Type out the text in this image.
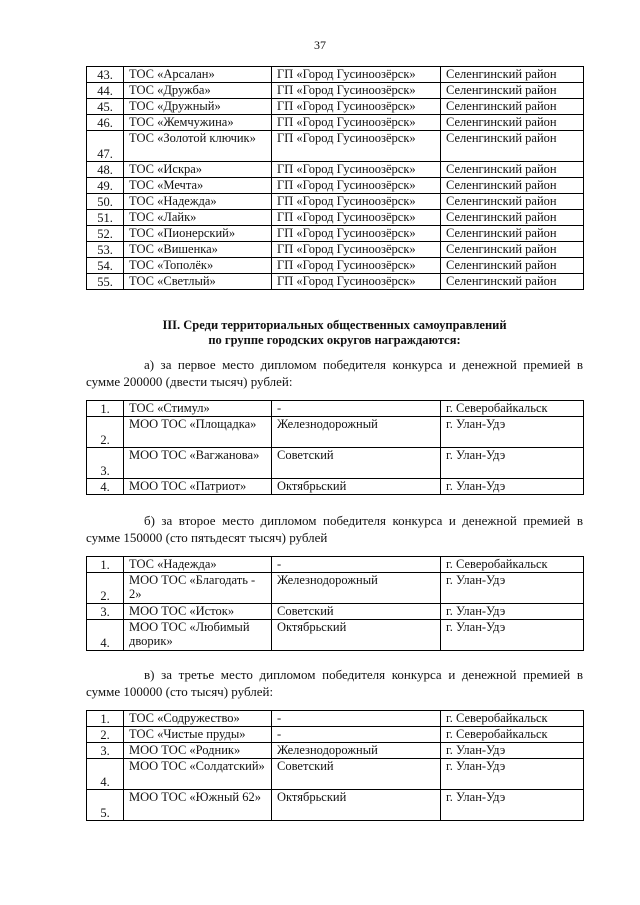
37
43.	ТОС «Арсалан»	ГП «Город Гусиноозёрск»	Селенгинский район
44.	ТОС «Дружба»	ГП «Город Гусиноозёрск»	Селенгинский район
45.	ТОС «Дружный»	ГП «Город Гусиноозёрск»	Селенгинский район
46.	ТОС «Жемчужина»	ГП «Город Гусиноозёрск»	Селенгинский район
47.	ТОС «Золотой ключик»	ГП «Город Гусиноозёрск»	Селенгинский район
48.	ТОС «Искра»	ГП «Город Гусиноозёрск»	Селенгинский район
49.	ТОС «Мечта»	ГП «Город Гусиноозёрск»	Селенгинский район
50.	ТОС «Надежда»	ГП «Город Гусиноозёрск»	Селенгинский район
51.	ТОС «Лайк»	ГП «Город Гусиноозёрск»	Селенгинский район
52.	ТОС «Пионерский»	ГП «Город Гусиноозёрск»	Селенгинский район
53.	ТОС «Вишенка»	ГП «Город Гусиноозёрск»	Селенгинский район
54.	ТОС «Тополёк»	ГП «Город Гусиноозёрск»	Селенгинский район
55.	ТОС «Светлый»	ГП «Город Гусиноозёрск»	Селенгинский район
III. Среди территориальных общественных самоуправлений
по группе городских округов награждаются:

а) за первое место дипломом победителя конкурса и денежной премией в сумме 200000 (двести тысяч) рублей:

1.	ТОС «Стимул»	-	г. Северобайкальск
2.	МОО ТОС «Площадка»	Железнодорожный	г. Улан-Удэ
3.	МОО ТОС «Вагжанова»	Советский	г. Улан-Удэ
4.	МОО ТОС «Патриот»	Октябрьский	г. Улан-Удэ

б) за второе место дипломом победителя конкурса и денежной премией в сумме 150000 (сто пятьдесят тысяч) рублей

1.	ТОС «Надежда»	-	г. Северобайкальск
2.	МОО ТОС «Благодать - 2»	Железнодорожный	г. Улан-Удэ
3.	МОО ТОС «Исток»	Советский	г. Улан-Удэ
4.	МОО ТОС «Любимый дворик»	Октябрьский	г. Улан-Удэ

в) за третье место дипломом победителя конкурса и денежной премией в сумме 100000 (сто тысяч) рублей:

1.	ТОС «Содружество»	-	г. Северобайкальск
2.	ТОС «Чистые пруды»	-	г. Северобайкальск
3.	МОО ТОС «Родник»	Железнодорожный	г. Улан-Удэ
4.	МОО ТОС «Солдатский»	Советский	г. Улан-Удэ
5.	МОО ТОС «Южный 62»	Октябрьский	г. Улан-Удэ
